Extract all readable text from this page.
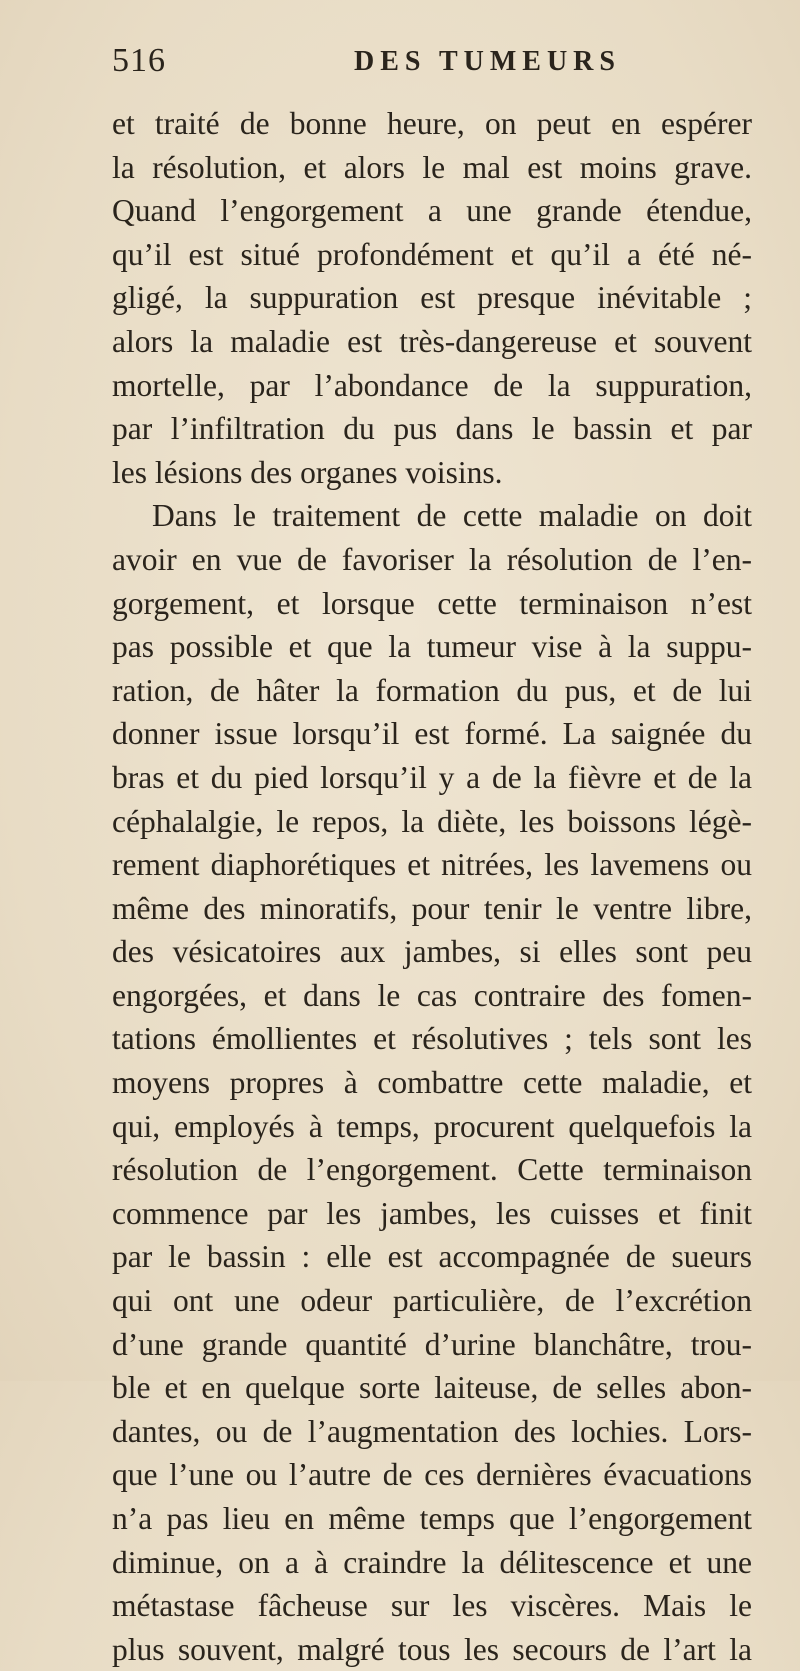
516	DES TUMEURS
et traité de bonne heure, on peut en espérer
la résolution, et alors le mal est moins grave.
Quand l’engorgement a une grande étendue,
qu’il est situé profondément et qu’il a été né-
gligé, la suppuration est presque inévitable ;
alors la maladie est très-dangereuse et souvent
mortelle, par l’abondance de la suppuration,
par l’infiltration du pus dans le bassin et par
les lésions des organes voisins.
Dans le traitement de cette maladie on doit
avoir en vue de favoriser la résolution de l’en-
gorgement, et lorsque cette terminaison n’est
pas possible et que la tumeur vise à la suppu-
ration, de hâter la formation du pus, et de lui
donner issue lorsqu’il est formé. La saignée du
bras et du pied lorsqu’il y a de la fièvre et de la
céphalalgie, le repos, la diète, les boissons légè-
rement diaphorétiques et nitrées, les lavemens ou
même des minoratifs, pour tenir le ventre libre,
des vésicatoires aux jambes, si elles sont peu
engorgées, et dans le cas contraire des fomen-
tations émollientes et résolutives ; tels sont les
moyens propres à combattre cette maladie, et
qui, employés à temps, procurent quelquefois la
résolution de l’engorgement. Cette terminaison
commence par les jambes, les cuisses et finit
par le bassin : elle est accompagnée de sueurs
qui ont une odeur particulière, de l’excrétion
d’une grande quantité d’urine blanchâtre, trou-
ble et en quelque sorte laiteuse, de selles abon-
dantes, ou de l’augmentation des lochies. Lors-
que l’une ou l’autre de ces dernières évacuations
n’a pas lieu en même temps que l’engorgement
diminue, on a à craindre la délitescence et une
métastase fâcheuse sur les viscères. Mais le
plus souvent, malgré tous les secours de l’art la
